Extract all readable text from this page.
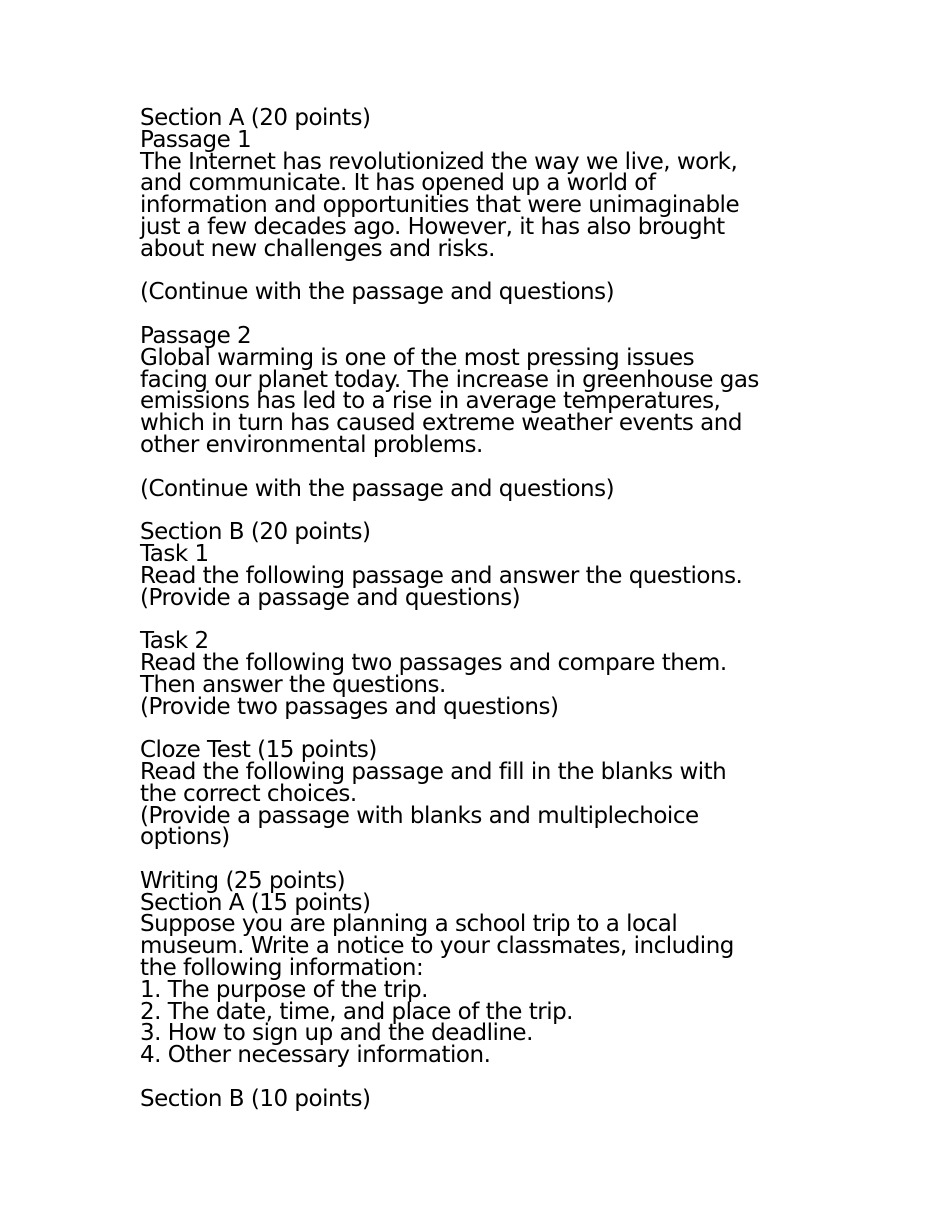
Section A (20 points)
Passage 1
The Internet has revolutionized the way we live, work,
and communicate. It has opened up a world of
information and opportunities that were unimaginable
just a few decades ago. However, it has also brought
about new challenges and risks.
(Continue with the passage and questions)
Passage 2
Global warming is one of the most pressing issues
facing our planet today. The increase in greenhouse gas
emissions has led to a rise in average temperatures,
which in turn has caused extreme weather events and
other environmental problems.
(Continue with the passage and questions)
Section B (20 points)
Task 1
Read the following passage and answer the questions.
(Provide a passage and questions)
Task 2
Read the following two passages and compare them.
Then answer the questions.
(Provide two passages and questions)
Cloze Test (15 points)
Read the following passage and fill in the blanks with
the correct choices.
(Provide a passage with blanks and multiplechoice
options)
Writing (25 points)
Section A (15 points)
Suppose you are planning a school trip to a local
museum. Write a notice to your classmates, including
the following information:
1. The purpose of the trip.
2. The date, time, and place of the trip.
3. How to sign up and the deadline.
4. Other necessary information.
Section B (10 points)
